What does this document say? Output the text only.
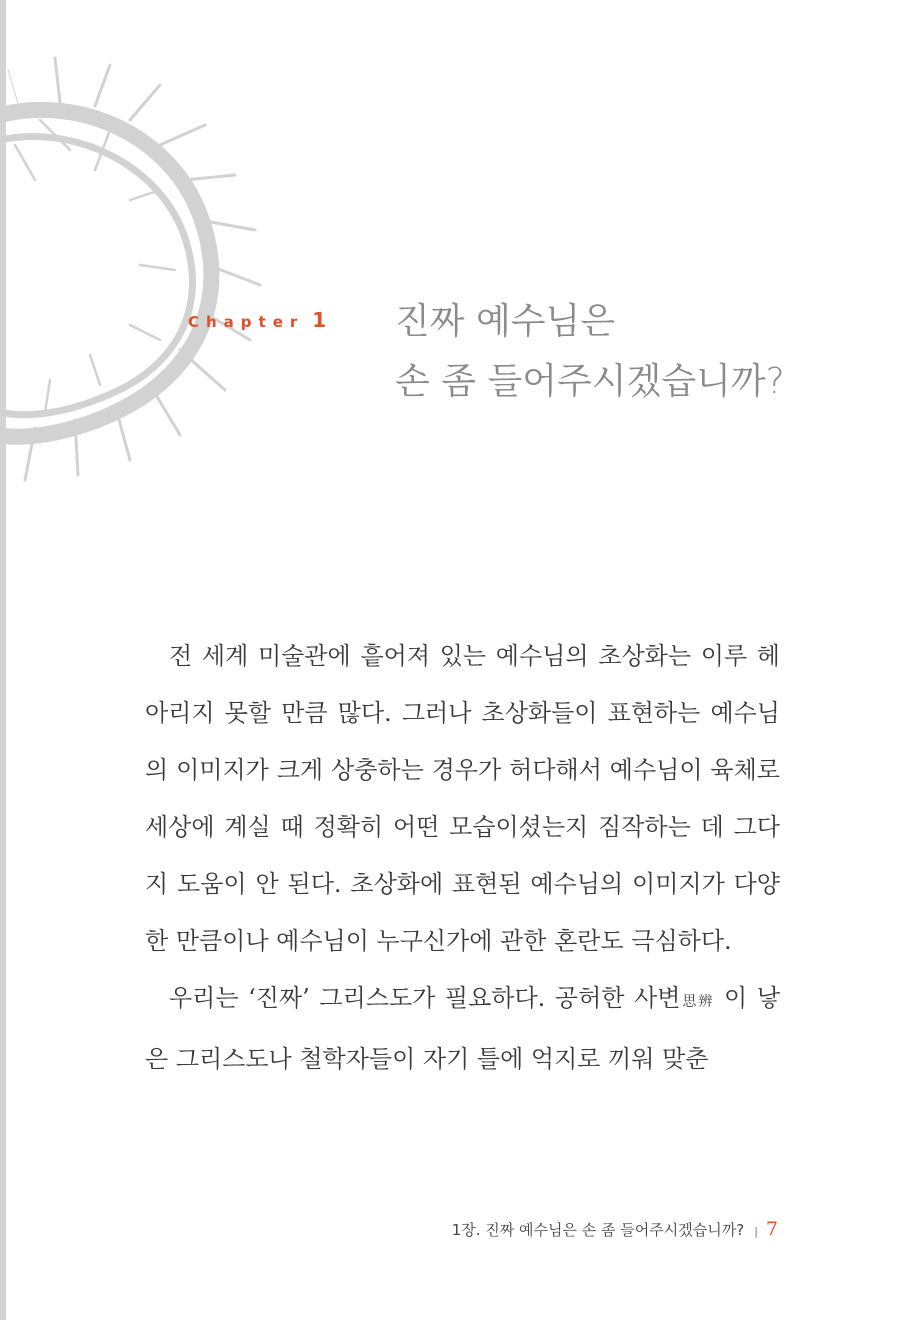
Chapter 1 진짜 예수님은
손 좀 들어주시겠습니까?

전 세계 미술관에 흩어져 있는 예수님의 초상화는 이루 헤아리지 못할 만큼 많다. 그러나 초상화들이 표현하는 예수님의 이미지가 크게 상충하는 경우가 허다해서 예수님이 육체로 세상에 계실 때 정확히 어떤 모습이셨는지 짐작하는 데 그다지 도움이 안 된다. 초상화에 표현된 예수님의 이미지가 다양한 만큼이나 예수님이 누구신가에 관한 혼란도 극심하다.

우리는 ‘진짜’ 그리스도가 필요하다. 공허한 사변思辨 이 낳은 그리스도나 철학자들이 자기 틀에 억지로 끼워 맞춘

1장. 진짜 예수님은 손 좀 들어주시겠습니까? | 7
